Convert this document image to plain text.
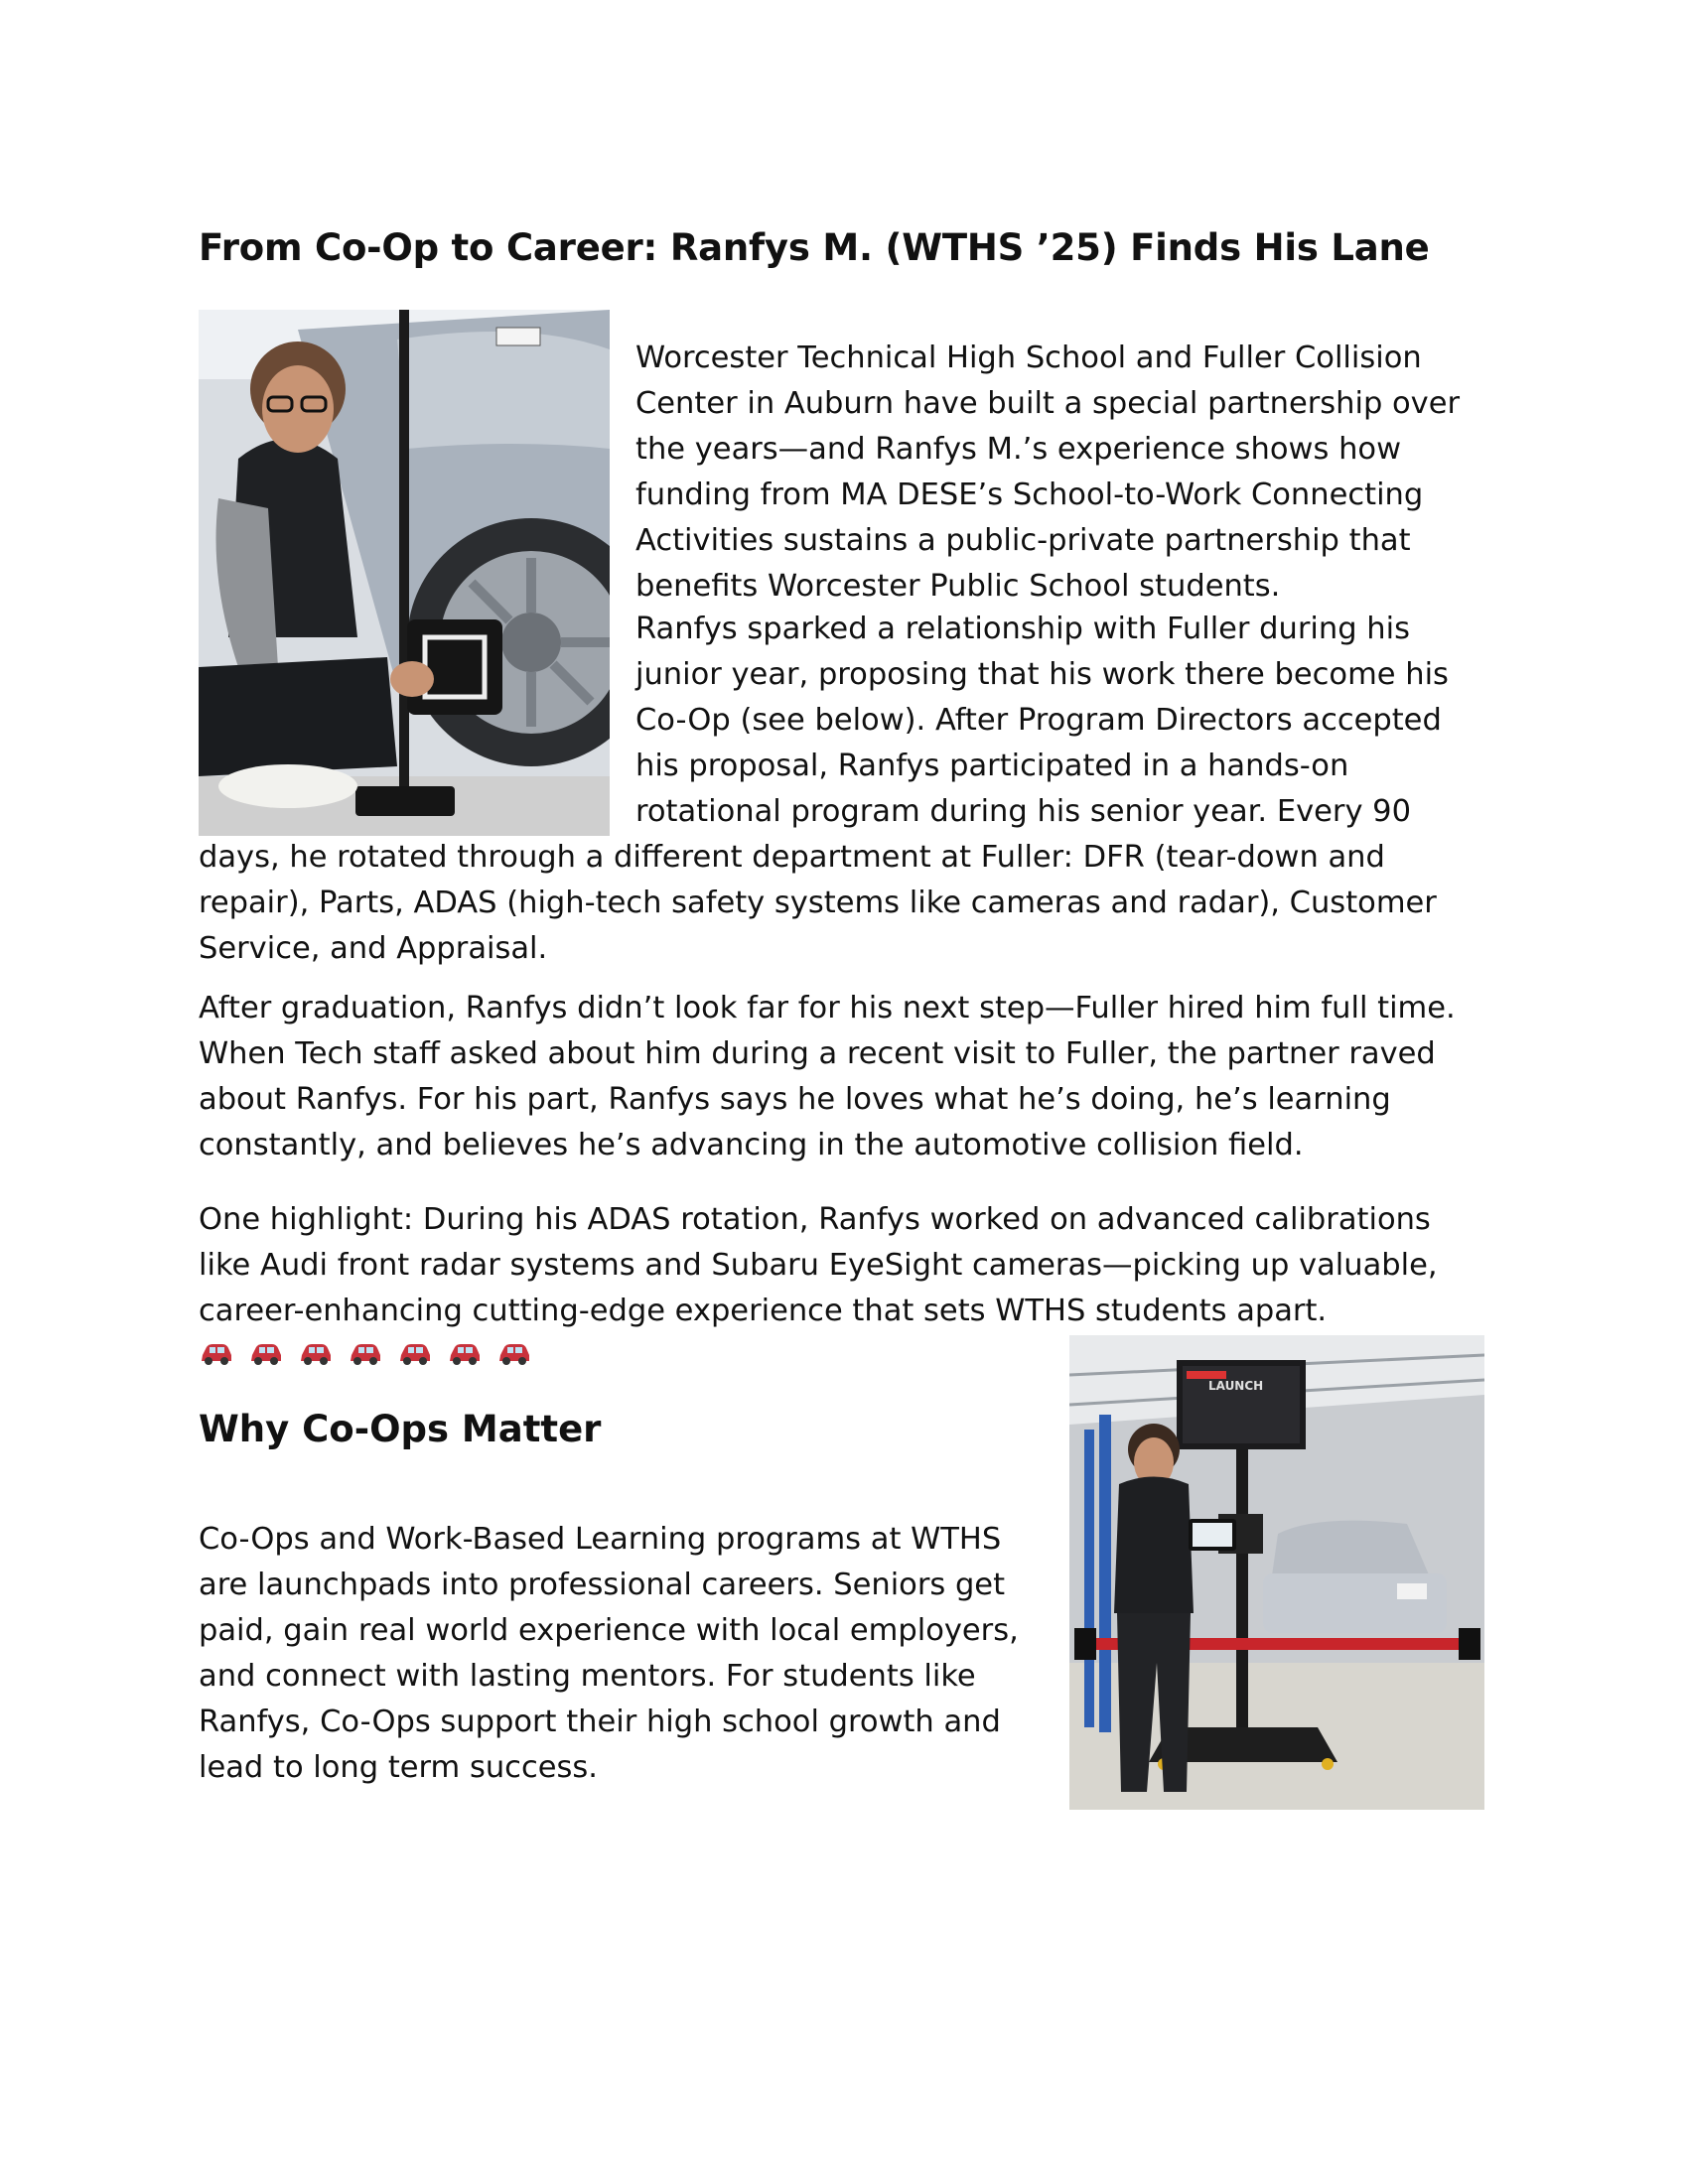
From Co-Op to Career: Ranfys M. (WTHS ’25) Finds His Lane

Worcester Technical High School and Fuller Collision Center in Auburn have built a special partnership over the years—and Ranfys M.’s experience shows how funding from MA DESE’s School-to-Work Connecting Activities sustains a public-private partnership that benefits Worcester Public School students.

Ranfys sparked a relationship with Fuller during his junior year, proposing that his work there become his Co-Op (see below). After Program Directors accepted his proposal, Ranfys participated in a hands-on rotational program during his senior year. Every 90 days, he rotated through a different department at Fuller: DFR (tear-down and repair), Parts, ADAS (high-tech safety systems like cameras and radar), Customer Service, and Appraisal.

After graduation, Ranfys didn’t look far for his next step—Fuller hired him full time. When Tech staff asked about him during a recent visit to Fuller, the partner raved about Ranfys. For his part, Ranfys says he loves what he’s doing, he’s learning constantly, and believes he’s advancing in the automotive collision field.

One highlight: During his ADAS rotation, Ranfys worked on advanced calibrations like Audi front radar systems and Subaru EyeSight cameras—picking up valuable, career-enhancing cutting-edge experience that sets WTHS students apart.

Why Co-Ops Matter

Co-Ops and Work-Based Learning programs at WTHS are launchpads into professional careers. Seniors get paid, gain real world experience with local employers, and connect with lasting mentors. For students like Ranfys, Co-Ops support their high school growth and lead to long term success.

LAUNCH
